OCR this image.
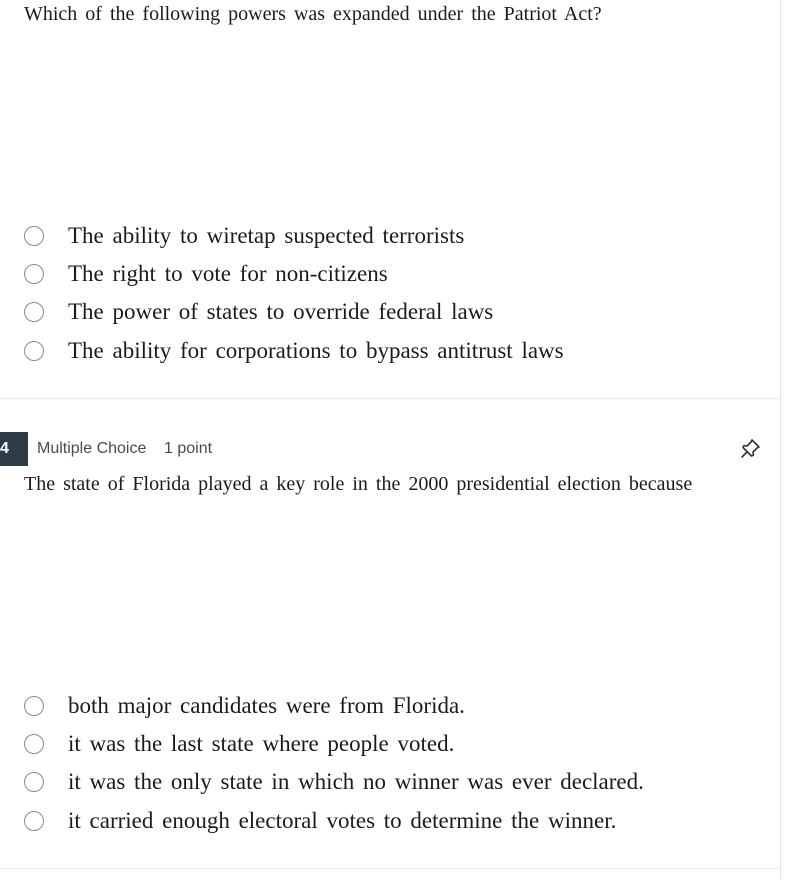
Which of the following powers was expanded under the Patriot Act?
The ability to wiretap suspected terrorists
The right to vote for non-citizens
The power of states to override federal laws
The ability for corporations to bypass antitrust laws
4 Multiple Choice 1 point
The state of Florida played a key role in the 2000 presidential election because
both major candidates were from Florida.
it was the last state where people voted.
it was the only state in which no winner was ever declared.
it carried enough electoral votes to determine the winner.
